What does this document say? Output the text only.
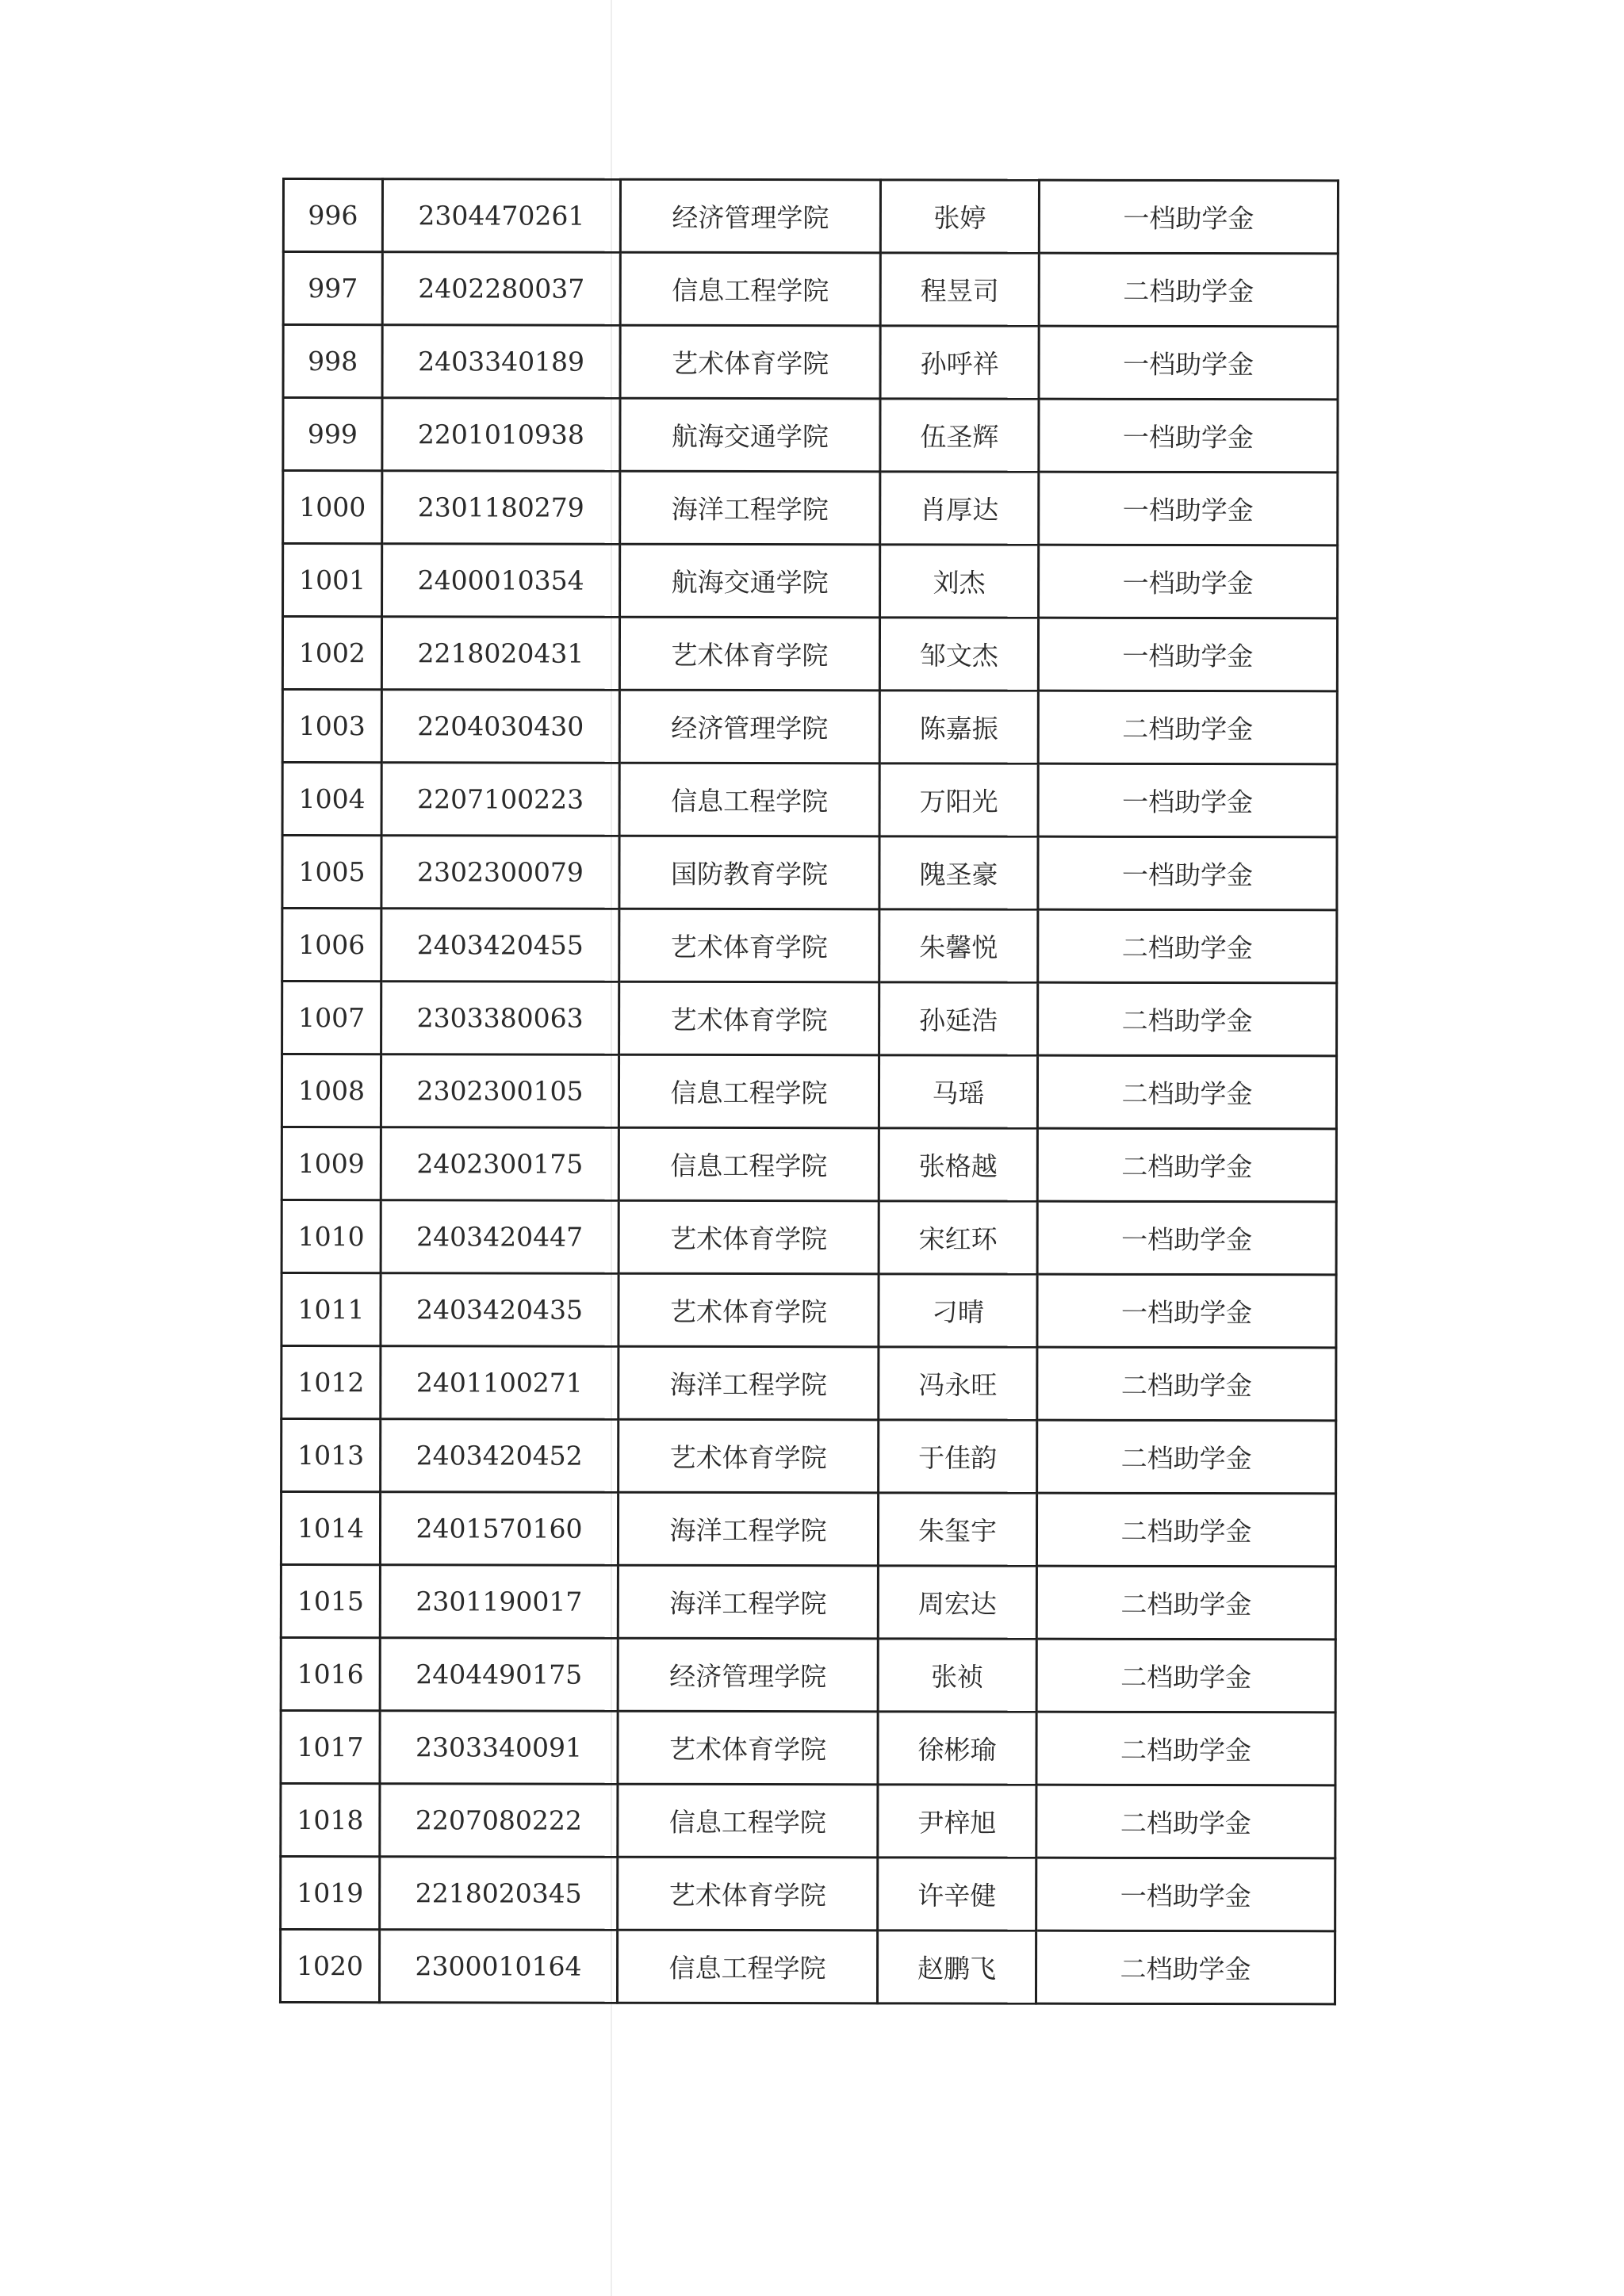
996	2304470261	经济管理学院	张婷	一档助学金
997	2402280037	信息工程学院	程昱司	二档助学金
998	2403340189	艺术体育学院	孙呼祥	一档助学金
999	2201010938	航海交通学院	伍圣辉	一档助学金
1000	2301180279	海洋工程学院	肖厚达	一档助学金
1001	2400010354	航海交通学院	刘杰	一档助学金
1002	2218020431	艺术体育学院	邹文杰	一档助学金
1003	2204030430	经济管理学院	陈嘉振	二档助学金
1004	2207100223	信息工程学院	万阳光	一档助学金
1005	2302300079	国防教育学院	隗圣豪	一档助学金
1006	2403420455	艺术体育学院	朱馨悦	二档助学金
1007	2303380063	艺术体育学院	孙延浩	二档助学金
1008	2302300105	信息工程学院	马瑶	二档助学金
1009	2402300175	信息工程学院	张格越	二档助学金
1010	2403420447	艺术体育学院	宋红环	一档助学金
1011	2403420435	艺术体育学院	刁晴	一档助学金
1012	2401100271	海洋工程学院	冯永旺	二档助学金
1013	2403420452	艺术体育学院	于佳韵	二档助学金
1014	2401570160	海洋工程学院	朱玺宇	二档助学金
1015	2301190017	海洋工程学院	周宏达	二档助学金
1016	2404490175	经济管理学院	张祯	二档助学金
1017	2303340091	艺术体育学院	徐彬瑜	二档助学金
1018	2207080222	信息工程学院	尹梓旭	二档助学金
1019	2218020345	艺术体育学院	许辛健	一档助学金
1020	2300010164	信息工程学院	赵鹏飞	二档助学金
